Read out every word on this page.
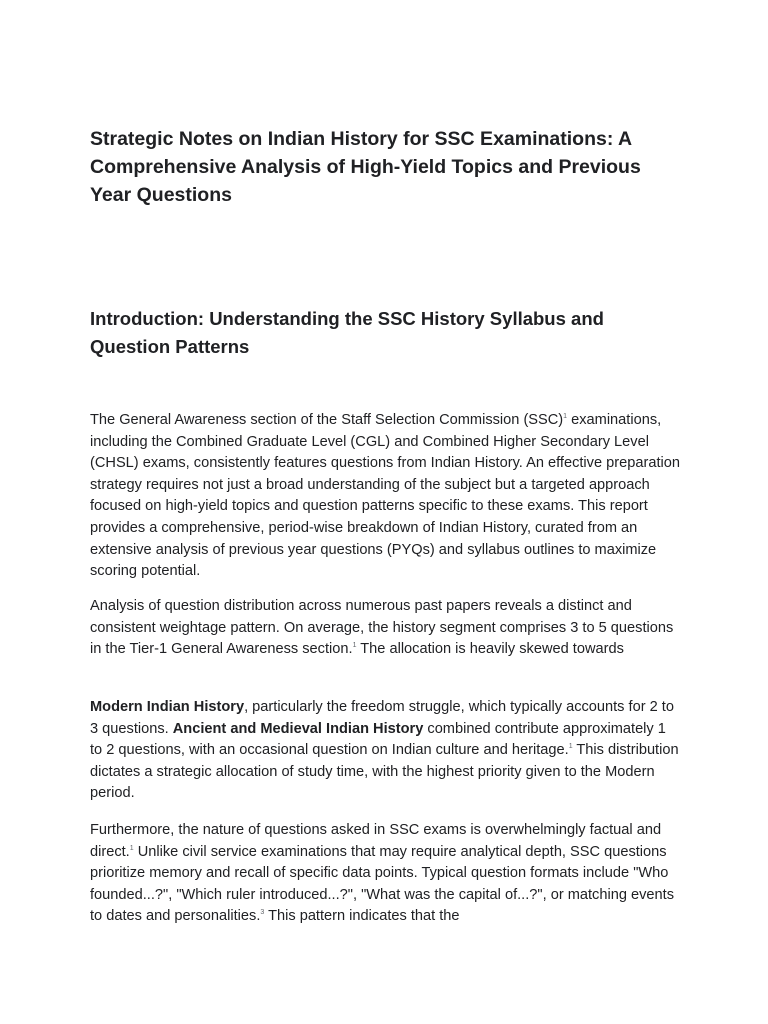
Strategic Notes on Indian History for SSC Examinations: A Comprehensive Analysis of High-Yield Topics and Previous Year Questions
Introduction: Understanding the SSC History Syllabus and Question Patterns

The General Awareness section of the Staff Selection Commission (SSC)$^1$ examinations, including the Combined Graduate Level (CGL) and Combined Higher Secondary Level (CHSL) exams, consistently features questions from Indian History. An effective preparation strategy requires not just a broad understanding of the subject but a targeted approach focused on high-yield topics and question patterns specific to these exams. This report provides a comprehensive, period-wise breakdown of Indian History, curated from an extensive analysis of previous year questions (PYQs) and syllabus outlines to maximize scoring potential.

Analysis of question distribution across numerous past papers reveals a distinct and consistent weightage pattern. On average, the history segment comprises 3 to 5 questions in the Tier-1 General Awareness section.$^1$ The allocation is heavily skewed towards

Modern Indian History, particularly the freedom struggle, which typically accounts for 2 to 3 questions. Ancient and Medieval Indian History combined contribute approximately 1 to 2 questions, with an occasional question on Indian culture and heritage.$^1$ This distribution dictates a strategic allocation of study time, with the highest priority given to the Modern period.

Furthermore, the nature of questions asked in SSC exams is overwhelmingly factual and direct.$^1$ Unlike civil service examinations that may require analytical depth, SSC questions prioritize memory and recall of specific data points. Typical question formats include "Who founded...?", "Which ruler introduced...?", "What was the capital of...?", or matching events to dates and personalities.$^3$ This pattern indicates that the
